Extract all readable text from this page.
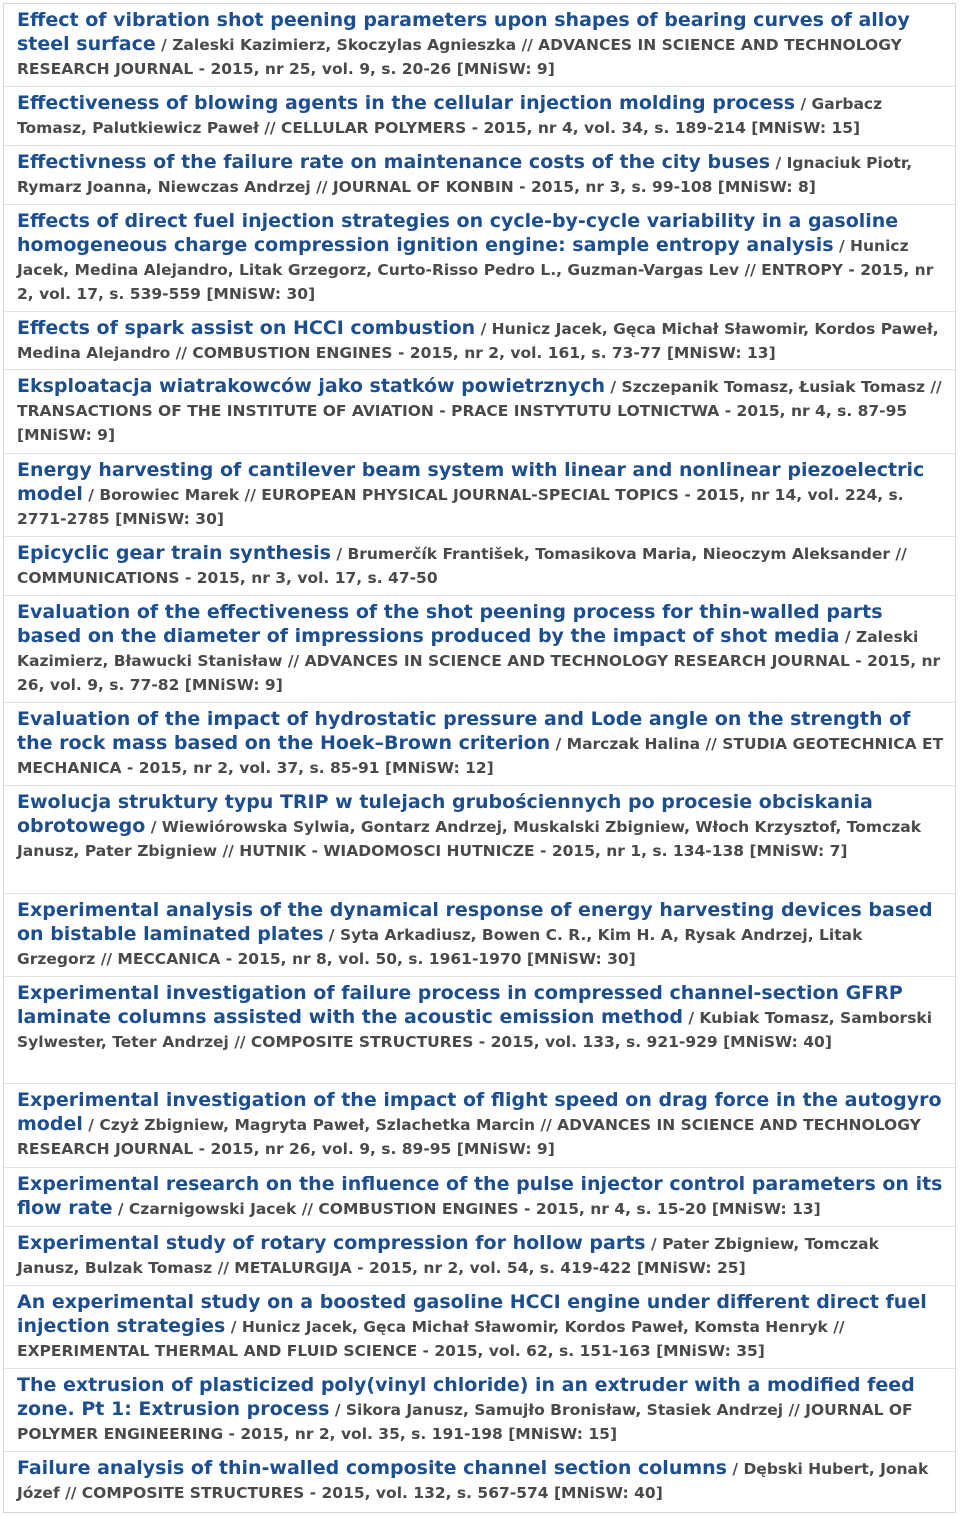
Effect of vibration shot peening parameters upon shapes of bearing curves of alloy steel surface / Zaleski Kazimierz, Skoczylas Agnieszka // ADVANCES IN SCIENCE AND TECHNOLOGY RESEARCH JOURNAL - 2015, nr 25, vol. 9, s. 20-26 [MNiSW: 9]
Effectiveness of blowing agents in the cellular injection molding process / Garbacz Tomasz, Palutkiewicz Paweł // CELLULAR POLYMERS - 2015, nr 4, vol. 34, s. 189-214 [MNiSW: 15]
Effectivness of the failure rate on maintenance costs of the city buses / Ignaciuk Piotr, Rymarz Joanna, Niewczas Andrzej // JOURNAL OF KONBIN - 2015, nr 3, s. 99-108 [MNiSW: 8]
Effects of direct fuel injection strategies on cycle-by-cycle variability in a gasoline homogeneous charge compression ignition engine: sample entropy analysis / Hunicz Jacek, Medina Alejandro, Litak Grzegorz, Curto-Risso Pedro L., Guzman-Vargas Lev // ENTROPY - 2015, nr 2, vol. 17, s. 539-559 [MNiSW: 30]
Effects of spark assist on HCCI combustion / Hunicz Jacek, Gęca Michał Sławomir, Kordos Paweł, Medina Alejandro // COMBUSTION ENGINES - 2015, nr 2, vol. 161, s. 73-77 [MNiSW: 13]
Eksploatacja wiatrakowców jako statków powietrznych / Szczepanik Tomasz, Łusiak Tomasz // TRANSACTIONS OF THE INSTITUTE OF AVIATION - PRACE INSTYTUTU LOTNICTWA - 2015, nr 4, s. 87-95 [MNiSW: 9]
Energy harvesting of cantilever beam system with linear and nonlinear piezoelectric model / Borowiec Marek // EUROPEAN PHYSICAL JOURNAL-SPECIAL TOPICS - 2015, nr 14, vol. 224, s. 2771-2785 [MNiSW: 30]
Epicyclic gear train synthesis / Brumerčík František, Tomasikova Maria, Nieoczym Aleksander // COMMUNICATIONS - 2015, nr 3, vol. 17, s. 47-50
Evaluation of the effectiveness of the shot peening process for thin-walled parts based on the diameter of impressions produced by the impact of shot media / Zaleski Kazimierz, Bławucki Stanisław // ADVANCES IN SCIENCE AND TECHNOLOGY RESEARCH JOURNAL - 2015, nr 26, vol. 9, s. 77-82 [MNiSW: 9]
Evaluation of the impact of hydrostatic pressure and Lode angle on the strength of the rock mass based on the Hoek–Brown criterion / Marczak Halina // STUDIA GEOTECHNICA ET MECHANICA - 2015, nr 2, vol. 37, s. 85-91 [MNiSW: 12]
Ewolucja struktury typu TRIP w tulejach grubościennych po procesie obciskania obrotowego / Wiewiórowska Sylwia, Gontarz Andrzej, Muskalski Zbigniew, Włoch Krzysztof, Tomczak Janusz, Pater Zbigniew // HUTNIK - WIADOMOSCI HUTNICZE - 2015, nr 1, s. 134-138 [MNiSW: 7]
Experimental analysis of the dynamical response of energy harvesting devices based on bistable laminated plates / Syta Arkadiusz, Bowen C. R., Kim H. A, Rysak Andrzej, Litak Grzegorz // MECCANICA - 2015, nr 8, vol. 50, s. 1961-1970 [MNiSW: 30]
Experimental investigation of failure process in compressed channel-section GFRP laminate columns assisted with the acoustic emission method / Kubiak Tomasz, Samborski Sylwester, Teter Andrzej // COMPOSITE STRUCTURES - 2015, vol. 133, s. 921-929 [MNiSW: 40]
Experimental investigation of the impact of flight speed on drag force in the autogyro model / Czyż Zbigniew, Magryta Paweł, Szlachetka Marcin // ADVANCES IN SCIENCE AND TECHNOLOGY RESEARCH JOURNAL - 2015, nr 26, vol. 9, s. 89-95 [MNiSW: 9]
Experimental research on the influence of the pulse injector control parameters on its flow rate / Czarnigowski Jacek // COMBUSTION ENGINES - 2015, nr 4, s. 15-20 [MNiSW: 13]
Experimental study of rotary compression for hollow parts / Pater Zbigniew, Tomczak Janusz, Bulzak Tomasz // METALURGIJA - 2015, nr 2, vol. 54, s. 419-422 [MNiSW: 25]
An experimental study on a boosted gasoline HCCI engine under different direct fuel injection strategies / Hunicz Jacek, Gęca Michał Sławomir, Kordos Paweł, Komsta Henryk // EXPERIMENTAL THERMAL AND FLUID SCIENCE - 2015, vol. 62, s. 151-163 [MNiSW: 35]
The extrusion of plasticized poly(vinyl chloride) in an extruder with a modified feed zone. Pt 1: Extrusion process / Sikora Janusz, Samujło Bronisław, Stasiek Andrzej // JOURNAL OF POLYMER ENGINEERING - 2015, nr 2, vol. 35, s. 191-198 [MNiSW: 15]
Failure analysis of thin-walled composite channel section columns / Dębski Hubert, Jonak Józef // COMPOSITE STRUCTURES - 2015, vol. 132, s. 567-574 [MNiSW: 40]
